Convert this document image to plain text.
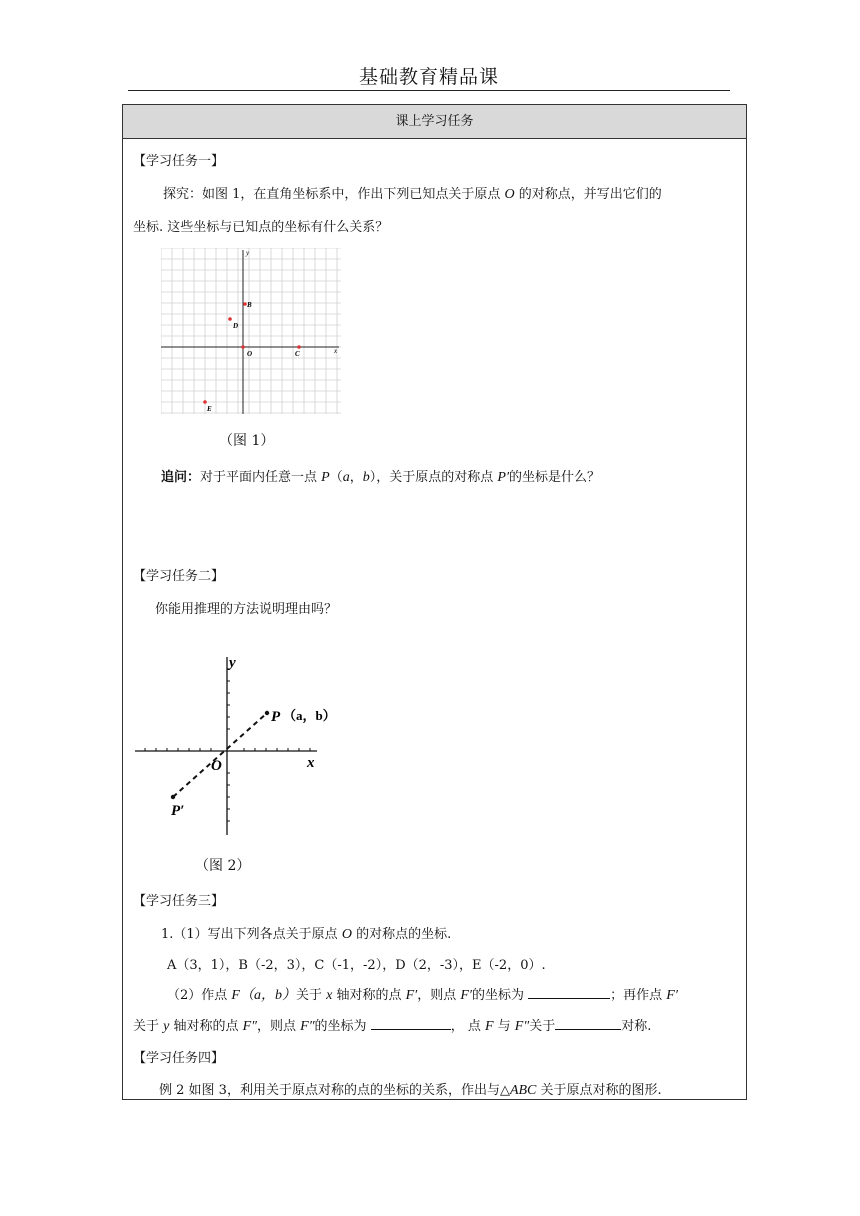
基础教育精品课
课上学习任务
【学习任务一】
探究：如图 1，在直角坐标系中，作出下列已知点关于原点 O 的对称点，并写出它们的
坐标. 这些坐标与已知点的坐标有什么关系？
B
D
O	C
E
x
y
（图 1）
追问：对于平面内任意一点 P（a，b），关于原点的对称点 P′的坐标是什么？
【学习任务二】
你能用推理的方法说明理由吗？
y
x
O
P （a，b）
P′
（图 2）
【学习任务三】
1.（1）写出下列各点关于原点 O 的对称点的坐标.
A（3，1），B（-2，3），C（-1，-2），D（2，-3），E（-2，0）.
（2）作点 F（a，b）关于 x 轴对称的点 F′，则点 F′的坐标为	；再作点 F′
关于 y 轴对称的点 F″，则点 F″的坐标为	， 点 F 与 F″关于	对称.
【学习任务四】
例 2 如图 3，利用关于原点对称的点的坐标的关系，作出与△ABC 关于原点对称的图形.
